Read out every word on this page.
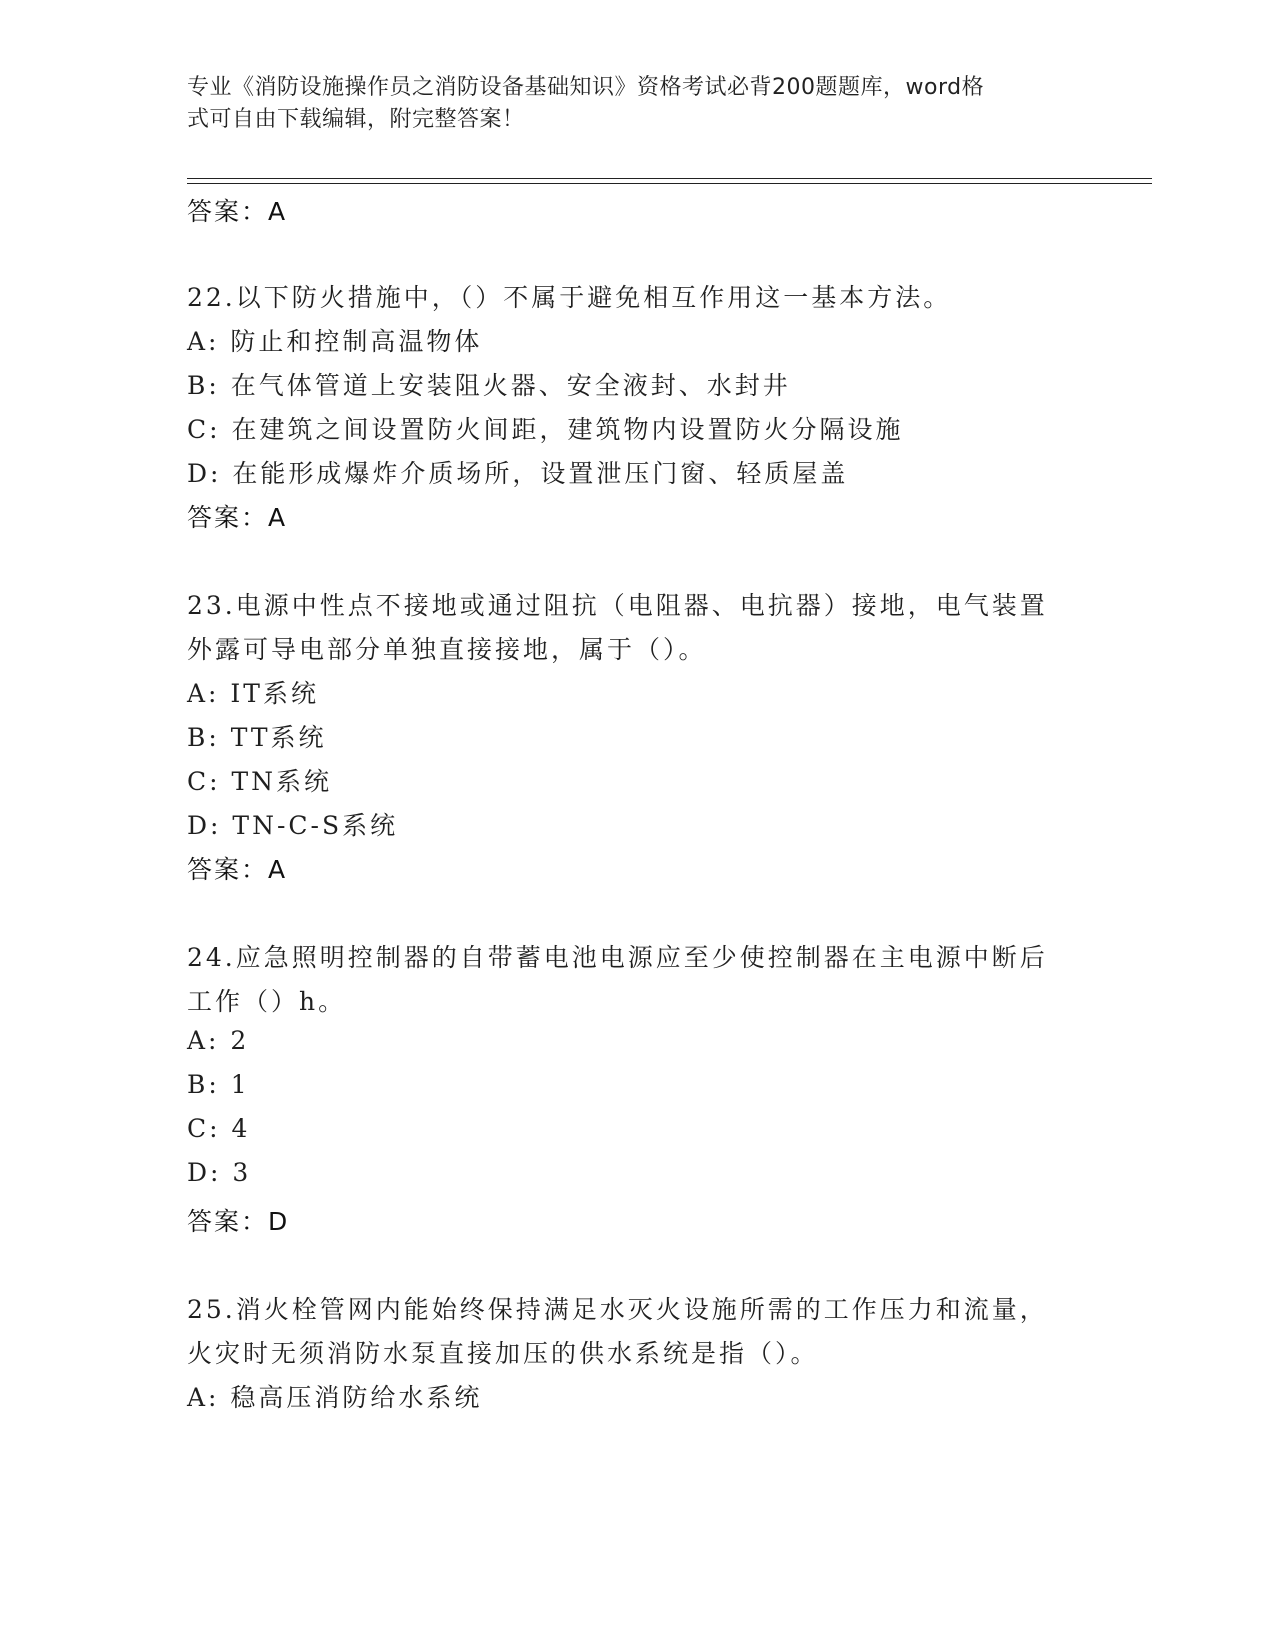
专业《消防设施操作员之消防设备基础知识》资格考试必背200题题库，word格
式可自由下载编辑，附完整答案！
答案：A
22.以下防火措施中，（）不属于避免相互作用这一基本方法。
A: 防止和控制高温物体
B: 在气体管道上安装阻火器、安全液封、水封井
C: 在建筑之间设置防火间距，建筑物内设置防火分隔设施
D: 在能形成爆炸介质场所，设置泄压门窗、轻质屋盖
答案：A
23.电源中性点不接地或通过阻抗（电阻器、电抗器）接地，电气装置
外露可导电部分单独直接接地，属于（）。
A: IT系统
B: TT系统
C: TN系统
D: TN-C-S系统
答案：A
24.应急照明控制器的自带蓄电池电源应至少使控制器在主电源中断后
工作（）h。
A: 2
B: 1
C: 4
D: 3
答案：D
25.消火栓管网内能始终保持满足水灭火设施所需的工作压力和流量，
火灾时无须消防水泵直接加压的供水系统是指（）。
A: 稳高压消防给水系统
